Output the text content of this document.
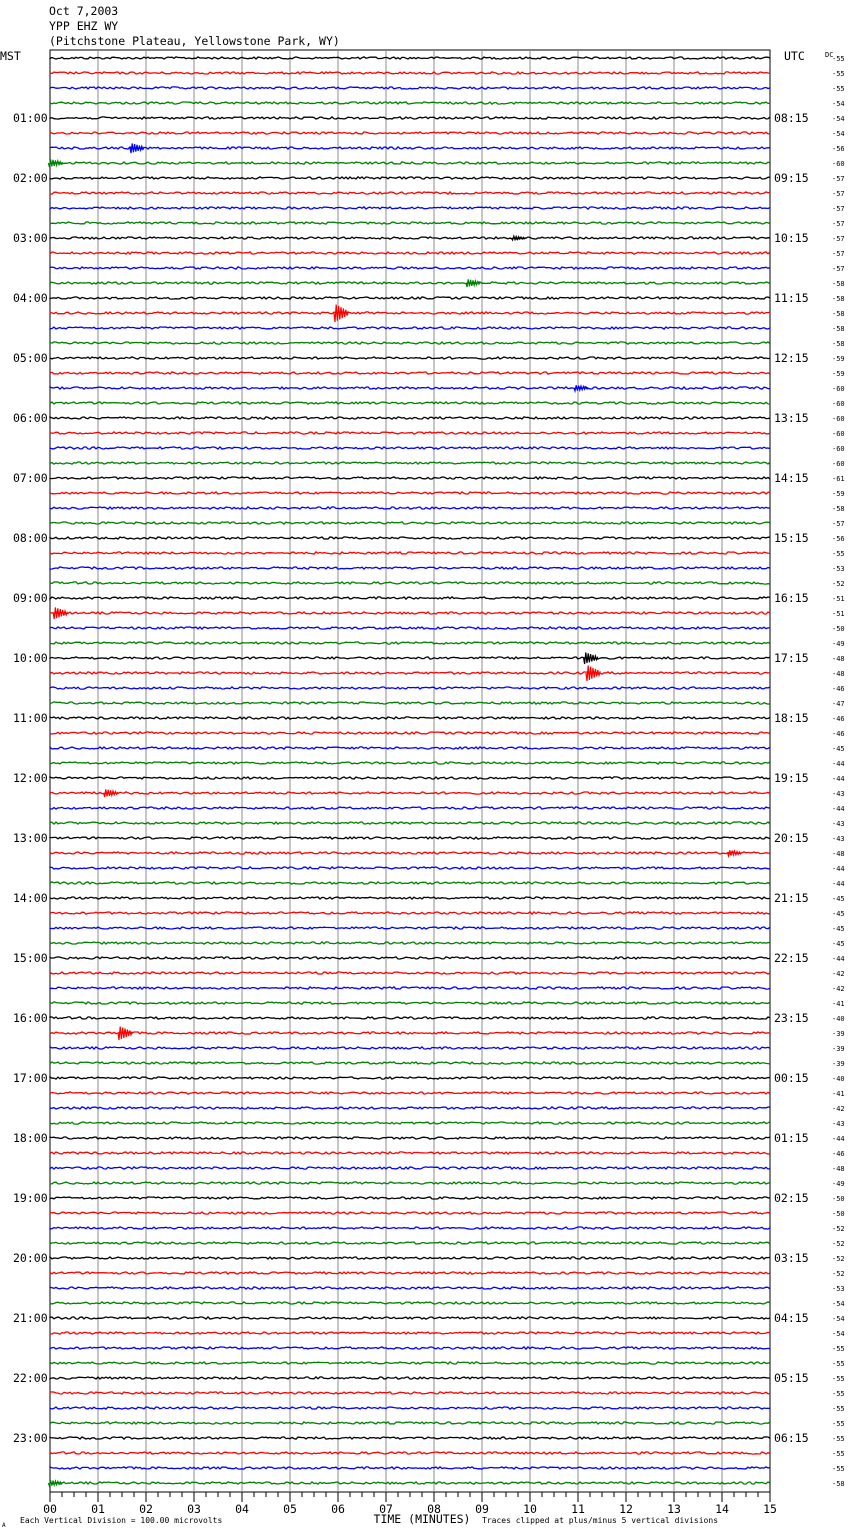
Oct 7,2003
YPP EHZ WY
(Pitchstone Plateau, Yellowstone Park, WY)
MST	UTC	DC
01:00
02:00
03:00
04:00
05:00
06:00
07:00
08:00
09:00
10:00
11:00
12:00
13:00
14:00
15:00
16:00
17:00
18:00
19:00
20:00
21:00
22:00
23:00
08:15
09:15
10:15
11:15
12:15
13:15
14:15
15:15
16:15
17:15
18:15
19:15
20:15
21:15
22:15
23:15
00:15
01:15
02:15
03:15
04:15
05:15
06:15
-55
-55
-55
-54
-54
-54
-56
-60
-57
-57
-57
-57
-57
-57
-57
-58
-58
-58
-58
-58
-59
-59
-60
-60
-60
-60
-60
-60
-61
-59
-58
-57
-56
-55
-53
-52
-51
-51
-50
-49
-48
-48
-46
-47
-46
-46
-45
-44
-44
-43
-44
-43
-43
-48
-44
-44
-45
-45
-45
-45
-44
-42
-42
-41
-40
-39
-39
-39
-40
-41
-42
-43
-44
-46
-48
-49
-50
-50
-52
-52
-52
-52
-53
-54
-54
-54
-55
-55
-55
-55
-55
-55
-55
-55
-55
-58
00	01	02	03	04	05	06	07	08	09	10	11	12	13	14	15
TIME (MINUTES)
A
Each Vertical Division = 100.00 microvolts	Traces clipped at plus/minus 5 vertical divisions
